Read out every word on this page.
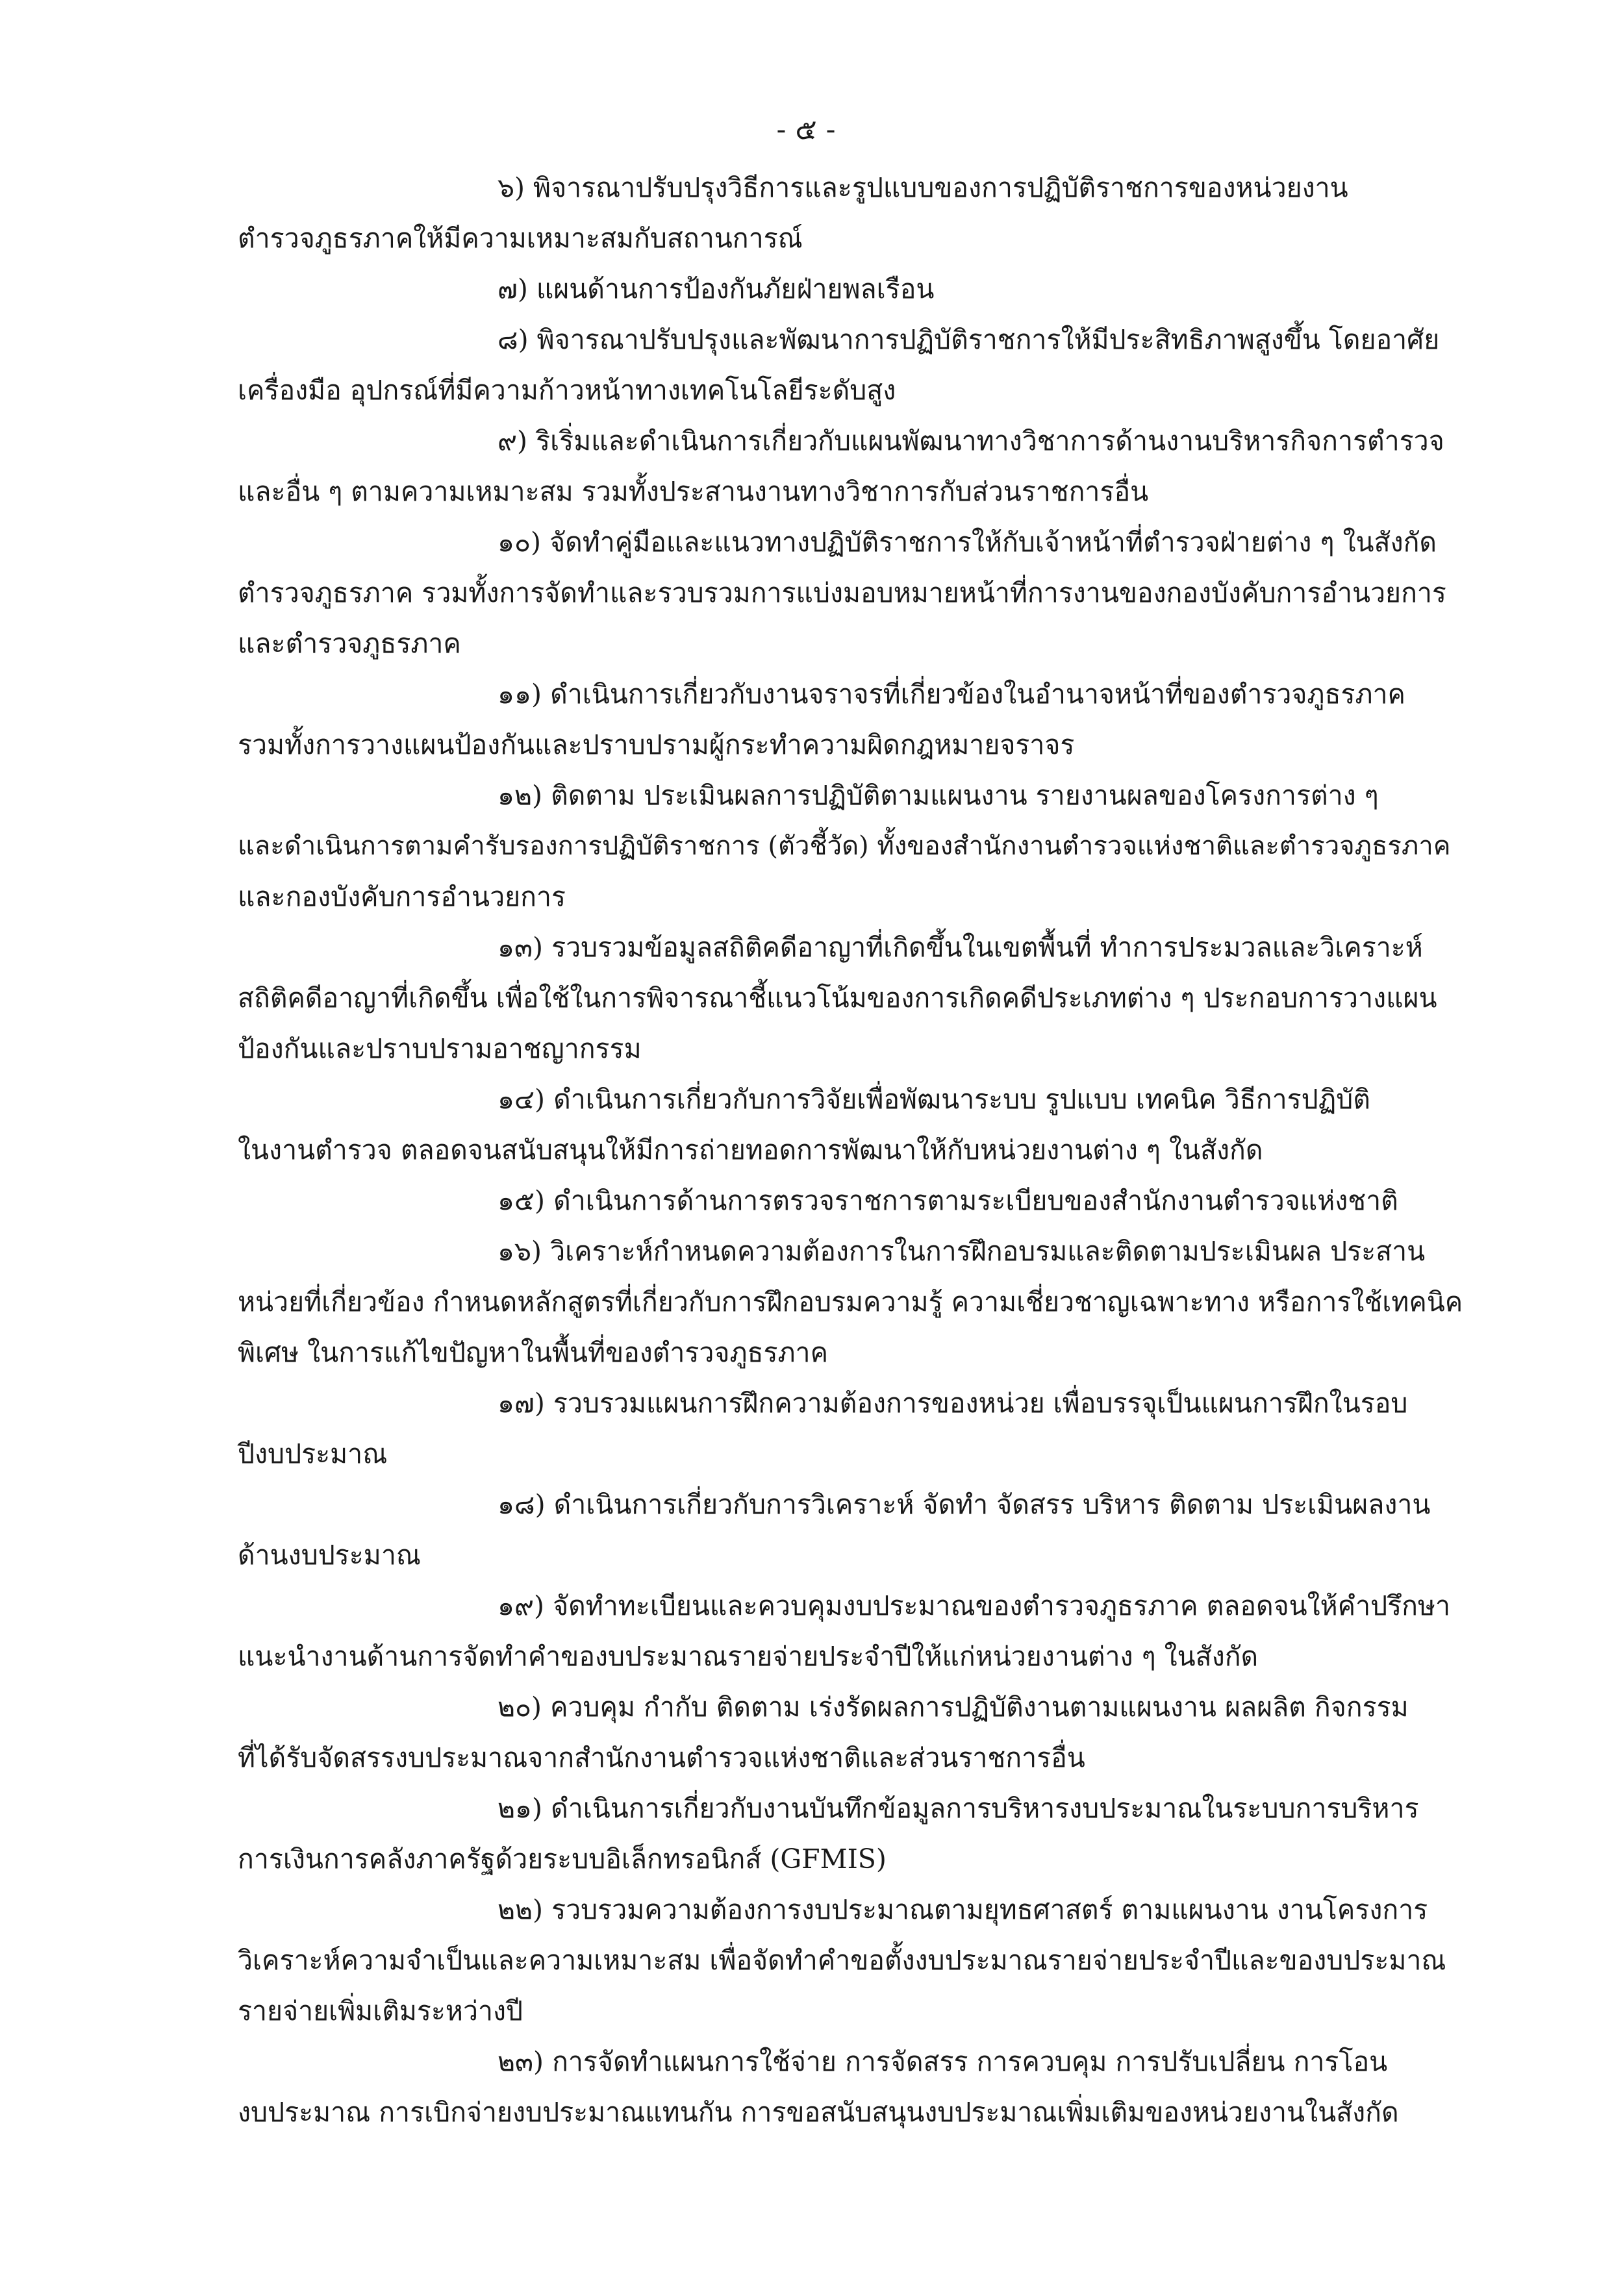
- ๕ -
๖) พิจารณาปรับปรุงวิธีการและรูปแบบของการปฏิบัติราชการของหน่วยงาน
ตำรวจภูธรภาคให้มีความเหมาะสมกับสถานการณ์
๗) แผนด้านการป้องกันภัยฝ่ายพลเรือน
๘) พิจารณาปรับปรุงและพัฒนาการปฏิบัติราชการให้มีประสิทธิภาพสูงขึ้น โดยอาศัย
เครื่องมือ อุปกรณ์ที่มีความก้าวหน้าทางเทคโนโลยีระดับสูง
๙) ริเริ่มและดำเนินการเกี่ยวกับแผนพัฒนาทางวิชาการด้านงานบริหารกิจการตำรวจ
และอื่น ๆ ตามความเหมาะสม รวมทั้งประสานงานทางวิชาการกับส่วนราชการอื่น
๑๐) จัดทำคู่มือและแนวทางปฏิบัติราชการให้กับเจ้าหน้าที่ตำรวจฝ่ายต่าง ๆ ในสังกัด
ตำรวจภูธรภาค รวมทั้งการจัดทำและรวบรวมการแบ่งมอบหมายหน้าที่การงานของกองบังคับการอำนวยการ
และตำรวจภูธรภาค
๑๑) ดำเนินการเกี่ยวกับงานจราจรที่เกี่ยวข้องในอำนาจหน้าที่ของตำรวจภูธรภาค
รวมทั้งการวางแผนป้องกันและปราบปรามผู้กระทำความผิดกฎหมายจราจร
๑๒) ติดตาม ประเมินผลการปฏิบัติตามแผนงาน รายงานผลของโครงการต่าง ๆ
และดำเนินการตามคำรับรองการปฏิบัติราชการ (ตัวชี้วัด) ทั้งของสำนักงานตำรวจแห่งชาติและตำรวจภูธรภาค
และกองบังคับการอำนวยการ
๑๓) รวบรวมข้อมูลสถิติคดีอาญาที่เกิดขึ้นในเขตพื้นที่ ทำการประมวลและวิเคราะห์
สถิติคดีอาญาที่เกิดขึ้น เพื่อใช้ในการพิจารณาชี้แนวโน้มของการเกิดคดีประเภทต่าง ๆ ประกอบการวางแผน
ป้องกันและปราบปรามอาชญากรรม
๑๔) ดำเนินการเกี่ยวกับการวิจัยเพื่อพัฒนาระบบ รูปแบบ เทคนิค วิธีการปฏิบัติ
ในงานตำรวจ ตลอดจนสนับสนุนให้มีการถ่ายทอดการพัฒนาให้กับหน่วยงานต่าง ๆ ในสังกัด
๑๕) ดำเนินการด้านการตรวจราชการตามระเบียบของสำนักงานตำรวจแห่งชาติ
๑๖) วิเคราะห์กำหนดความต้องการในการฝึกอบรมและติดตามประเมินผล ประสาน
หน่วยที่เกี่ยวข้อง กำหนดหลักสูตรที่เกี่ยวกับการฝึกอบรมความรู้ ความเชี่ยวชาญเฉพาะทาง หรือการใช้เทคนิค
พิเศษ ในการแก้ไขปัญหาในพื้นที่ของตำรวจภูธรภาค
๑๗) รวบรวมแผนการฝึกความต้องการของหน่วย เพื่อบรรจุเป็นแผนการฝึกในรอบ
ปีงบประมาณ
๑๘) ดำเนินการเกี่ยวกับการวิเคราะห์ จัดทำ จัดสรร บริหาร ติดตาม ประเมินผลงาน
ด้านงบประมาณ
๑๙) จัดทำทะเบียนและควบคุมงบประมาณของตำรวจภูธรภาค ตลอดจนให้คำปรึกษา
แนะนำงานด้านการจัดทำคำของบประมาณรายจ่ายประจำปีให้แก่หน่วยงานต่าง ๆ ในสังกัด
๒๐) ควบคุม กำกับ ติดตาม เร่งรัดผลการปฏิบัติงานตามแผนงาน ผลผลิต กิจกรรม
ที่ได้รับจัดสรรงบประมาณจากสำนักงานตำรวจแห่งชาติและส่วนราชการอื่น
๒๑) ดำเนินการเกี่ยวกับงานบันทึกข้อมูลการบริหารงบประมาณในระบบการบริหาร
การเงินการคลังภาครัฐด้วยระบบอิเล็กทรอนิกส์ (GFMIS)
๒๒) รวบรวมความต้องการงบประมาณตามยุทธศาสตร์ ตามแผนงาน งานโครงการ
วิเคราะห์ความจำเป็นและความเหมาะสม เพื่อจัดทำคำขอตั้งงบประมาณรายจ่ายประจำปีและของบประมาณ
รายจ่ายเพิ่มเติมระหว่างปี
๒๓) การจัดทำแผนการใช้จ่าย การจัดสรร การควบคุม การปรับเปลี่ยน การโอน
งบประมาณ การเบิกจ่ายงบประมาณแทนกัน การขอสนับสนุนงบประมาณเพิ่มเติมของหน่วยงานในสังกัด
